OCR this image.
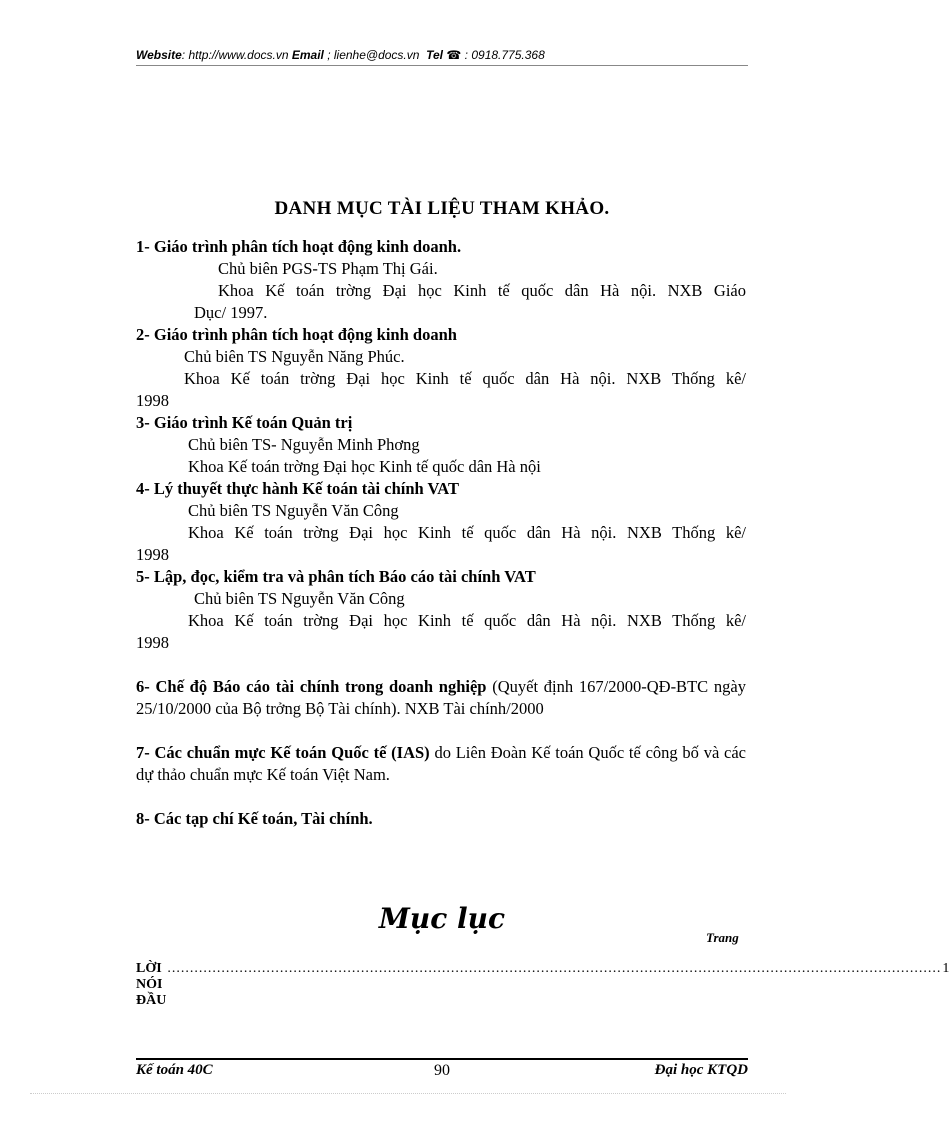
Website: http://www.docs.vn Email ; lienhe@docs.vn Tel ☎ : 0918.775.368
DANH MỤC TÀI LIỆU THAM KHẢO.
1- Giáo trình phân tích hoạt động kinh doanh.
Chủ biên PGS-TS Phạm Thị Gái.
Khoa Kế toán trờng Đại học Kinh tế quốc dân Hà nội. NXB Giáo
Dục/ 1997.
2- Giáo trình phân tích hoạt động kinh doanh
Chủ biên TS Nguyễn Năng Phúc.
Khoa Kế toán trờng Đại học Kinh tế quốc dân Hà nội. NXB Thống kê/
1998
3- Giáo trình Kế toán Quản trị
Chủ biên TS- Nguyễn Minh Phơng
Khoa Kế toán trờng Đại học Kinh tế quốc dân Hà nội
4- Lý thuyết thực hành Kế toán tài chính VAT
Chủ biên TS Nguyễn Văn Công
Khoa Kế toán trờng Đại học Kinh tế quốc dân Hà nội. NXB Thống kê/
1998
5- Lập, đọc, kiểm tra và phân tích Báo cáo tài chính VAT
Chủ biên TS Nguyễn Văn Công
Khoa Kế toán trờng Đại học Kinh tế quốc dân Hà nội. NXB Thống kê/
1998
6- Chế độ Báo cáo tài chính trong doanh nghiệp (Quyết định 167/2000-QĐ-BTC ngày 25/10/2000 của Bộ trởng Bộ Tài chính). NXB Tài chính/2000
7- Các chuẩn mực Kế toán Quốc tế (IAS) do Liên Đoàn Kế toán Quốc tế công bố và các dự thảo chuẩn mực Kế toán Việt Nam.
8- Các tạp chí Kế toán, Tài chính.
Mục lục
Trang
LỜI NÓI ĐẦU
............................................................................................................................................................................ 1
Kế toán 40C	90	Đại học KTQD
